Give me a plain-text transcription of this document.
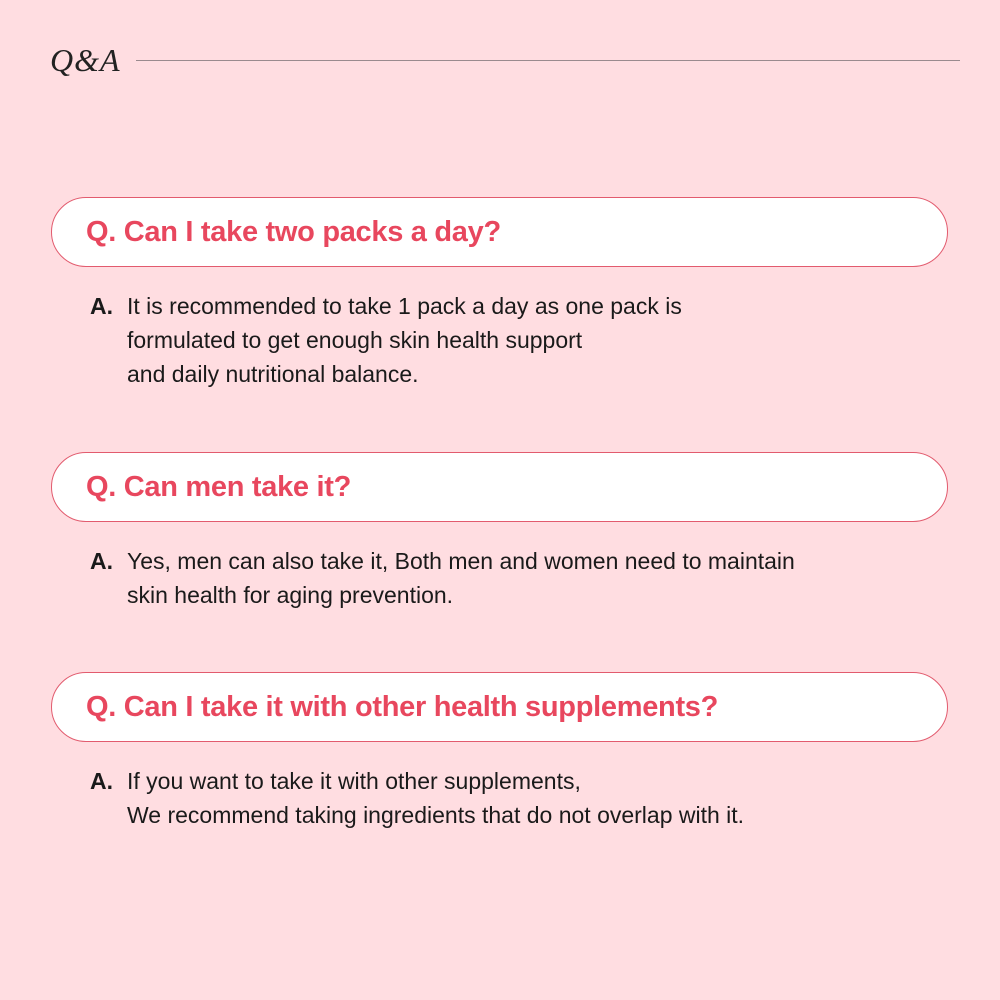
Q&A
Q. Can I take two packs a day?
A. It is recommended to take 1 pack a day as one pack is
formulated to get enough skin health support
and daily nutritional balance.
Q. Can men take it?
A. Yes, men can also take it, Both men and women need to maintain
skin health for aging prevention.
Q. Can I take it with other health supplements?
A. If you want to take it with other supplements,
We recommend taking ingredients that do not overlap with it.
